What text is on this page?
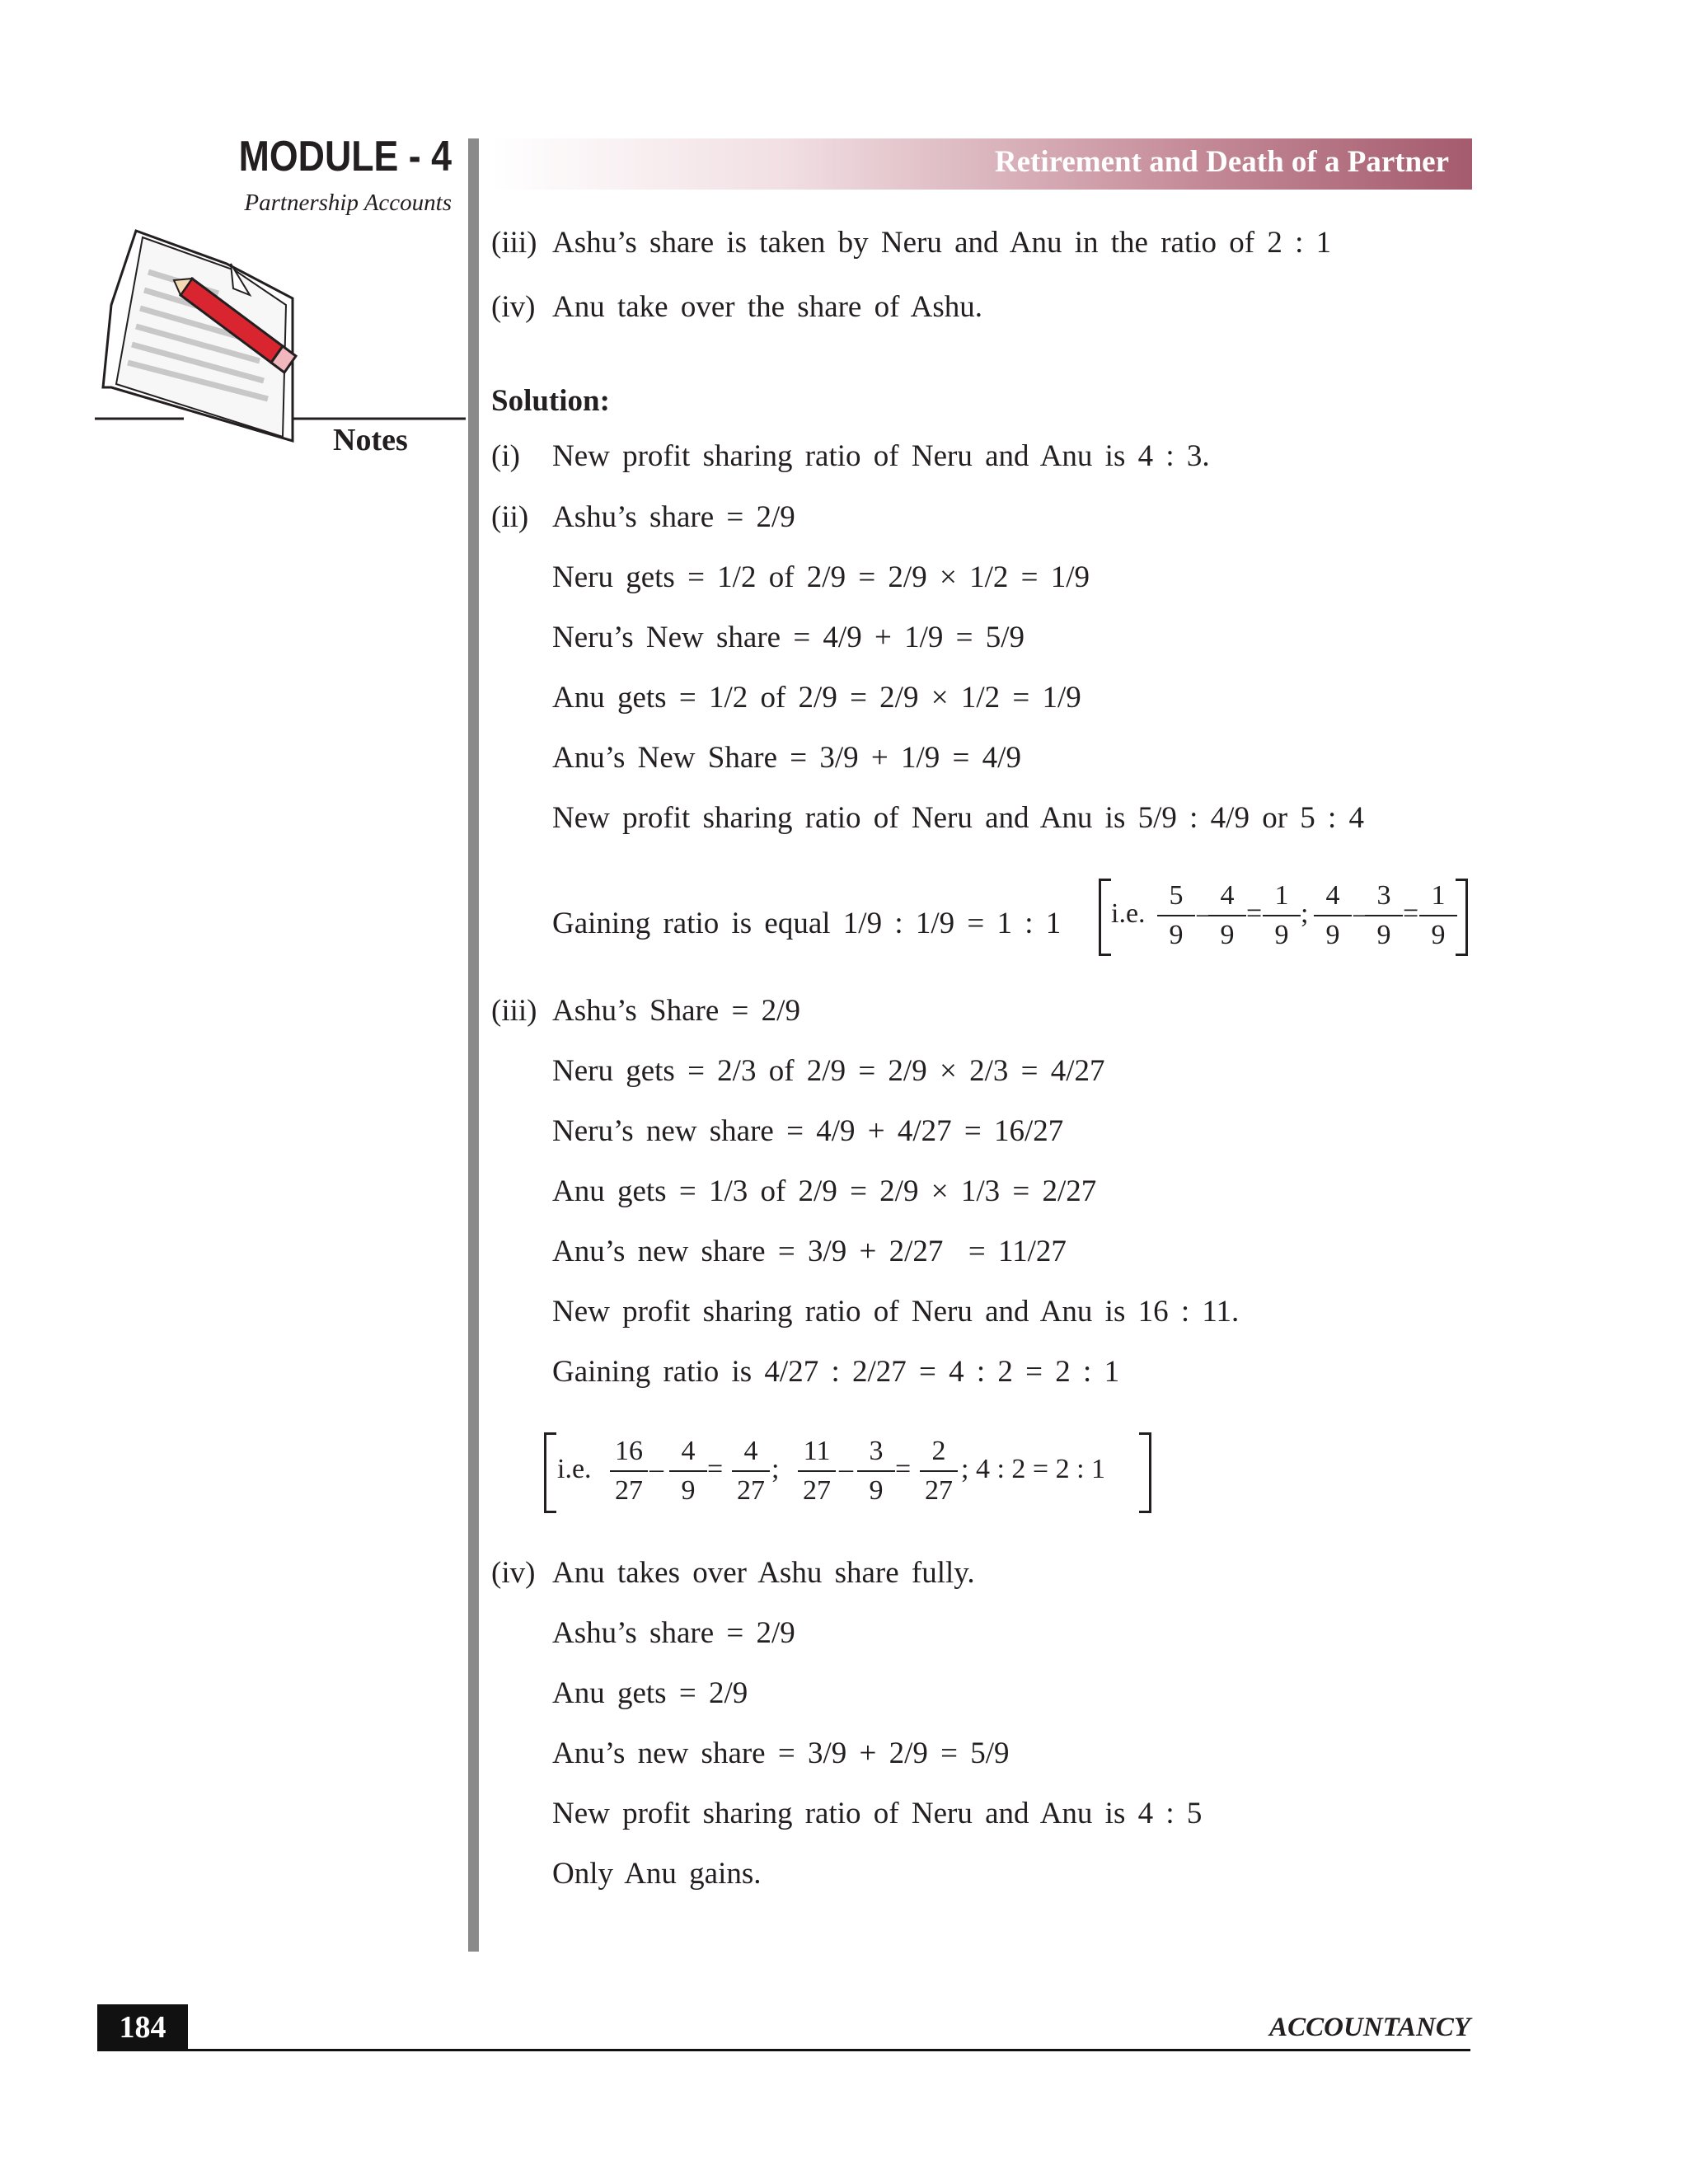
MODULE - 4
Partnership Accounts
Notes
Retirement and Death of a Partner
(iii) Ashu’s share is taken by Neru and Anu in the ratio of 2 : 1
(iv) Anu take over the share of Ashu.
Solution:
(i) New profit sharing ratio of Neru and Anu is 4 : 3.
(ii) Ashu’s share = 2/9
Neru gets = 1/2 of 2/9 = 2/9 × 1/2 = 1/9
Neru’s New share = 4/9 + 1/9 = 5/9
Anu gets = 1/2 of 2/9 = 2/9 × 1/2 = 1/9
Anu’s New Share = 3/9 + 1/9 = 4/9
New profit sharing ratio of Neru and Anu is 5/9 : 4/9 or 5 : 4
Gaining ratio is equal 1/9 : 1/9 = 1 : 1 i.e. $\frac{5}{9}$ –
$\frac{4}{9} = \frac{1}{9}$ ; $\frac{4}{9}$ –
$\frac{3}{9} = \frac{1}{9}$
(iii) Ashu’s Share = 2/9
Neru gets = 2/3 of 2/9 = 2/9 × 2/3 = 4/27
Neru’s new share = 4/9 + 4/27 = 16/27
Anu gets = 1/3 of 2/9 = 2/9 × 1/3 = 2/27
Anu’s new share = 3/9 + 2/27  = 11/27
New profit sharing ratio of Neru and Anu is 16 : 11.
Gaining ratio is 4/27 : 2/27 = 4 : 2 = 2 : 1
i.e. $\frac{16}{27} - \frac{4}{9} = \frac{4}{27}$ ; $\frac{11}{27} - \frac{3}{9} = \frac{2}{27}$ ; 4 : 2 = 2 : 1
(iv) Anu takes over Ashu share fully.
Ashu’s share = 2/9
Anu gets = 2/9
Anu’s new share = 3/9 + 2/9 = 5/9
New profit sharing ratio of Neru and Anu is 4 : 5
Only Anu gains.
184	ACCOUNTANCY
